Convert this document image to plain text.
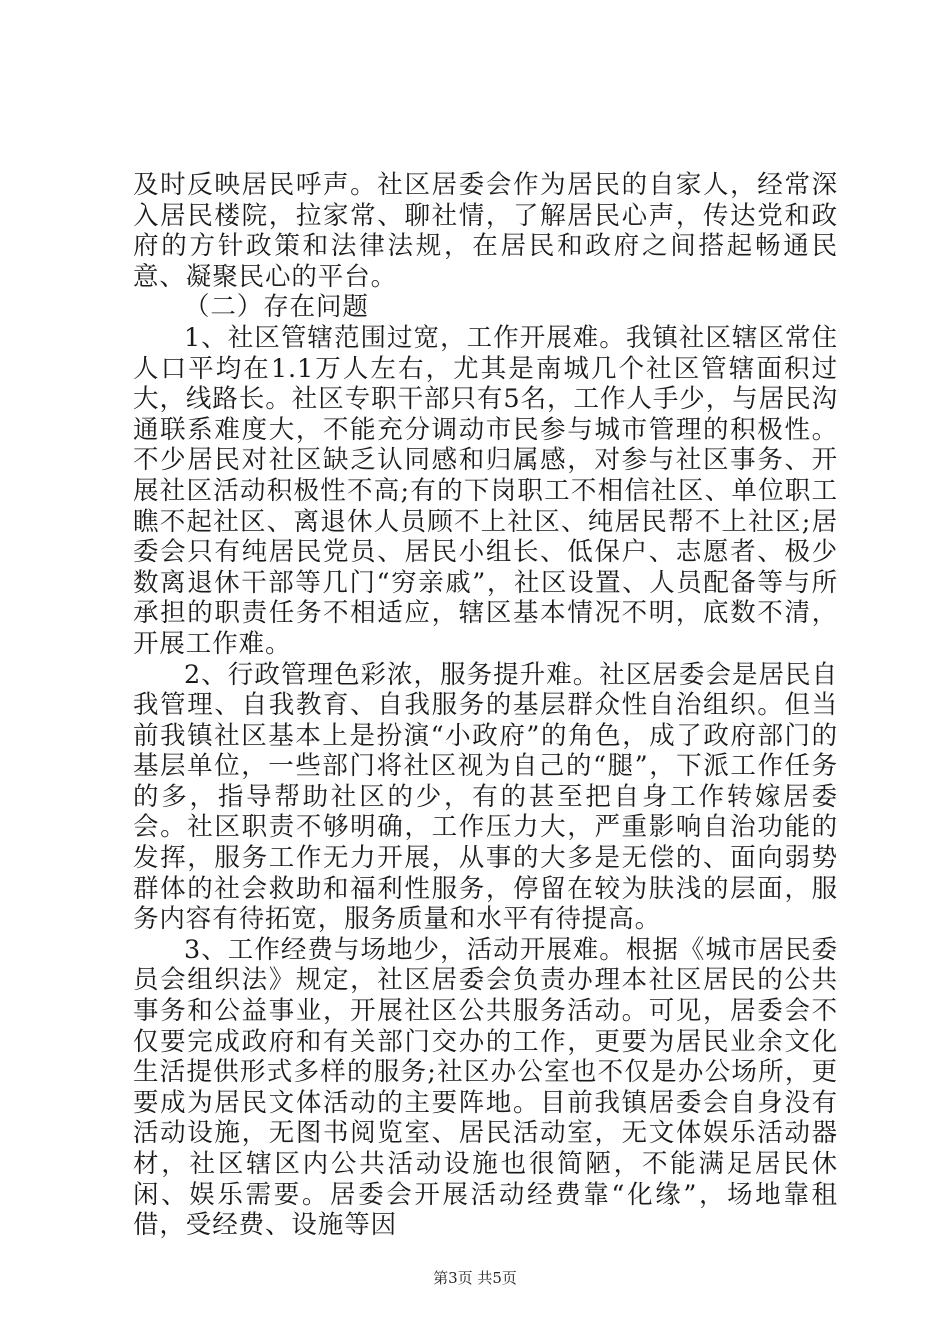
及时反映居民呼声。社区居委会作为居民的自家人，经常深入居民楼院，拉家常、聊社情，了解居民心声，传达党和政府的方针政策和法律法规，在居民和政府之间搭起畅通民意、凝聚民心的平台。

（二）存在问题

1、社区管辖范围过宽，工作开展难。我镇社区辖区常住人口平均在1.1万人左右，尤其是南城几个社区管辖面积过大，线路长。社区专职干部只有5名，工作人手少，与居民沟通联系难度大，不能充分调动市民参与城市管理的积极性。不少居民对社区缺乏认同感和归属感，对参与社区事务、开展社区活动积极性不高;有的下岗职工不相信社区、单位职工瞧不起社区、离退休人员顾不上社区、纯居民帮不上社区;居委会只有纯居民党员、居民小组长、低保户、志愿者、极少数离退休干部等几门“穷亲戚”，社区设置、人员配备等与所承担的职责任务不相适应，辖区基本情况不明，底数不清，开展工作难。

2、行政管理色彩浓，服务提升难。社区居委会是居民自我管理、自我教育、自我服务的基层群众性自治组织。但当前我镇社区基本上是扮演“小政府”的角色，成了政府部门的基层单位，一些部门将社区视为自己的“腿”，下派工作任务的多，指导帮助社区的少，有的甚至把自身工作转嫁居委会。社区职责不够明确，工作压力大，严重影响自治功能的发挥，服务工作无力开展，从事的大多是无偿的、面向弱势群体的社会救助和福利性服务，停留在较为肤浅的层面，服务内容有待拓宽，服务质量和水平有待提高。

3、工作经费与场地少，活动开展难。根据《城市居民委员会组织法》规定，社区居委会负责办理本社区居民的公共事务和公益事业，开展社区公共服务活动。可见，居委会不仅要完成政府和有关部门交办的工作，更要为居民业余文化生活提供形式多样的服务;社区办公室也不仅是办公场所，更要成为居民文体活动的主要阵地。目前我镇居委会自身没有活动设施，无图书阅览室、居民活动室，无文体娱乐活动器材，社区辖区内公共活动设施也很简陋，不能满足居民休闲、娱乐需要。居委会开展活动经费靠“化缘”，场地靠租借，受经费、设施等因

第3页 共5页
